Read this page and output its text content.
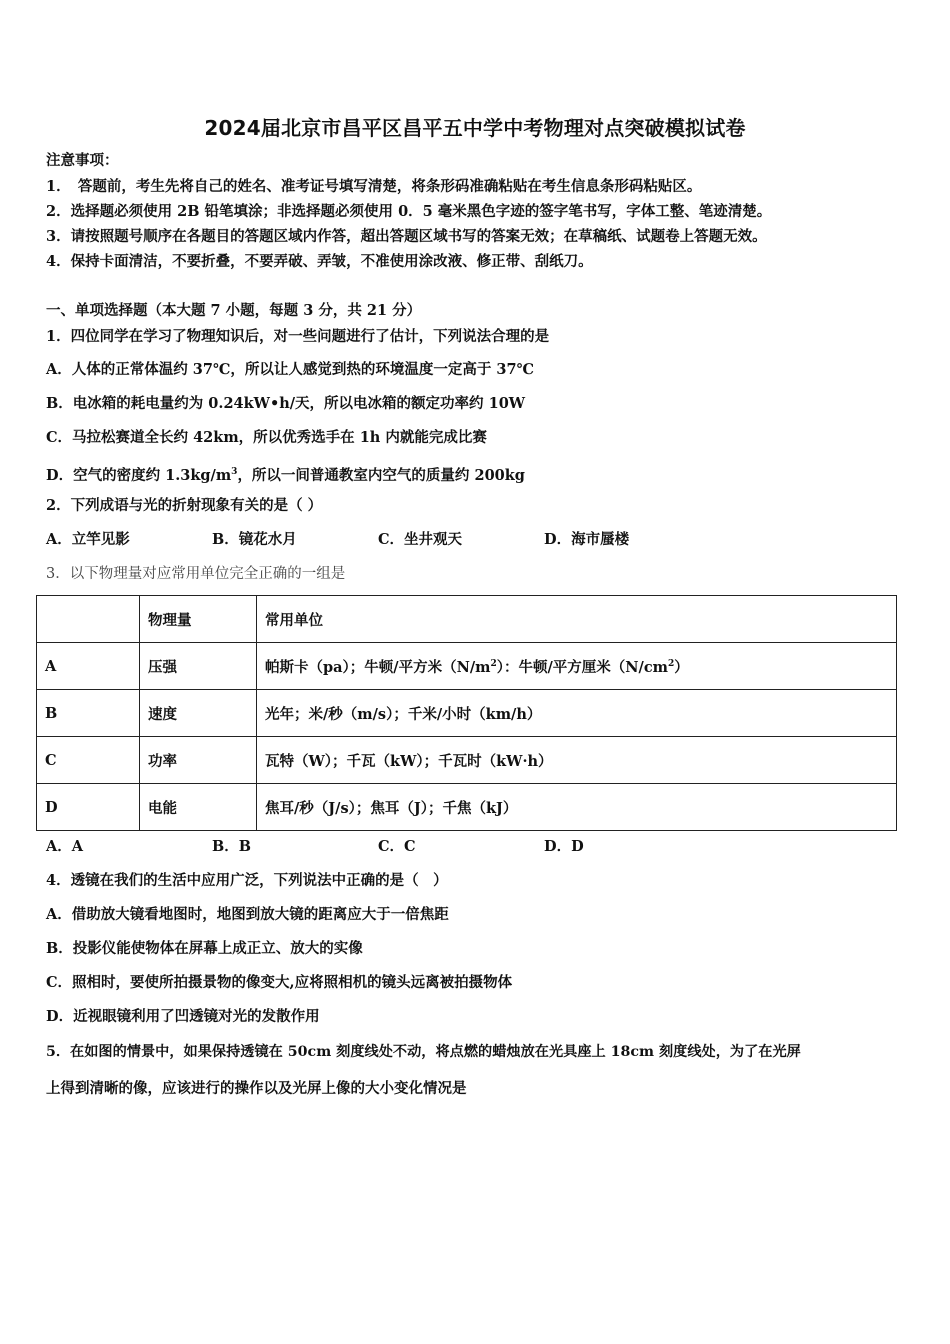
2024届北京市昌平区昌平五中学中考物理对点突破模拟试卷
注意事项：
1．　答题前，考生先将自己的姓名、准考证号填写清楚，将条形码准确粘贴在考生信息条形码粘贴区。
2．选择题必须使用 2B 铅笔填涂；非选择题必须使用 0．5 毫米黑色字迹的签字笔书写，字体工整、笔迹清楚。
3．请按照题号顺序在各题目的答题区域内作答，超出答题区域书写的答案无效；在草稿纸、试题卷上答题无效。
4．保持卡面清洁，不要折叠，不要弄破、弄皱，不准使用涂改液、修正带、刮纸刀。
一、单项选择题（本大题 7 小题，每题 3 分，共 21 分）
1．四位同学在学习了物理知识后，对一些问题进行了估计，下列说法合理的是
A．人体的正常体温约 37℃，所以让人感觉到热的环境温度一定高于 37℃
B．电冰箱的耗电量约为 0.24kW•h/天，所以电冰箱的额定功率约 10W
C．马拉松赛道全长约 42km，所以优秀选手在 1h 内就能完成比赛
D．空气的密度约 $1.3kg/m^3$，所以一间普通教室内空气的质量约 200kg
2．下列成语与光的折射现象有关的是（ ）
A．立竿见影	B．镜花水月	C．坐井观天	D．海市蜃楼
3．以下物理量对应常用单位完全正确的一组是
	物理量	常用单位
A	压强	帕斯卡（pa）；牛顿/平方米$(N/m^2)$：牛顿/平方厘米$(N/cm^2)$
B	速度	光年；米/秒（m/s）；千米/小时（km/h）
C	功率	瓦特（W）；千瓦（kW）；千瓦时（kW·h）
D	电能	焦耳/秒（J/s）；焦耳（J）；千焦（kJ）
A．A	B．B	C．C	D．D
4．透镜在我们的生活中应用广泛，下列说法中正确的是（　）
A．借助放大镜看地图时，地图到放大镜的距离应大于一倍焦距
B．投影仪能使物体在屏幕上成正立、放大的实像
C．照相时，要使所拍摄景物的像变大,应将照相机的镜头远离被拍摄物体
D．近视眼镜利用了凹透镜对光的发散作用
5．在如图的情景中，如果保持透镜在 50cm 刻度线处不动，将点燃的蜡烛放在光具座上 18cm 刻度线处，为了在光屏
上得到清晰的像，应该进行的操作以及光屏上像的大小变化情况是
